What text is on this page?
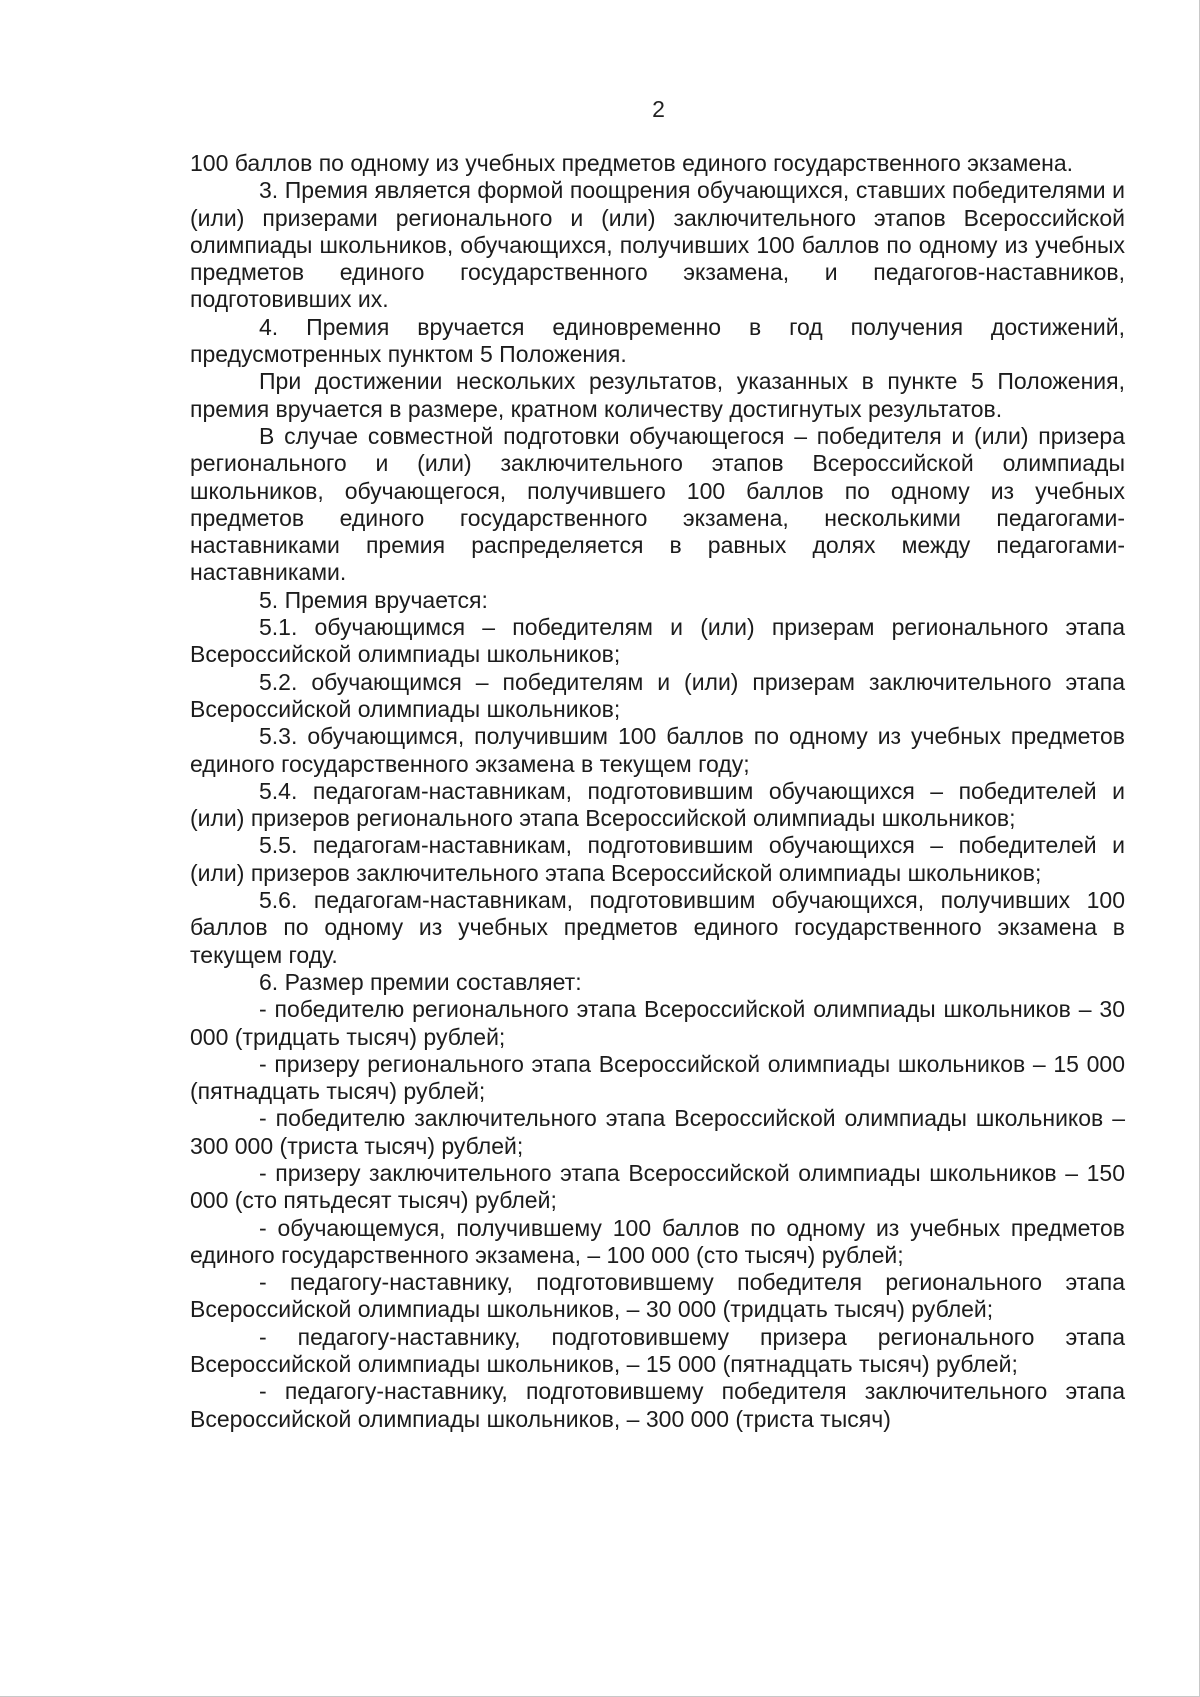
2

100 баллов по одному из учебных предметов единого государственного экзамена.

3. Премия является формой поощрения обучающихся, ставших победителями и (или) призерами регионального и (или) заключительного этапов Всероссийской олимпиады школьников, обучающихся, получивших 100 баллов по одному из учебных предметов единого государственного экзамена, и педагогов-наставников, подготовивших их.

4. Премия вручается единовременно в год получения достижений, предусмотренных пунктом 5 Положения.

При достижении нескольких результатов, указанных в пункте 5 Положения, премия вручается в размере, кратном количеству достигнутых результатов.

В случае совместной подготовки обучающегося – победителя и (или) призера регионального и (или) заключительного этапов Всероссийской олимпиады школьников, обучающегося, получившего 100 баллов по одному из учебных предметов единого государственного экзамена, несколькими педагогами-наставниками премия распределяется в равных долях между педагогами-наставниками.

5. Премия вручается:

5.1. обучающимся – победителям и (или) призерам регионального этапа Всероссийской олимпиады школьников;

5.2. обучающимся – победителям и (или) призерам заключительного этапа Всероссийской олимпиады школьников;

5.3. обучающимся, получившим 100 баллов по одному из учебных предметов единого государственного экзамена в текущем году;

5.4. педагогам-наставникам, подготовившим обучающихся – победителей и (или) призеров регионального этапа Всероссийской олимпиады школьников;

5.5. педагогам-наставникам, подготовившим обучающихся – победителей и (или) призеров заключительного этапа Всероссийской олимпиады школьников;

5.6. педагогам-наставникам, подготовившим обучающихся, получивших 100 баллов по одному из учебных предметов единого государственного экзамена в текущем году.

6. Размер премии составляет:

- победителю регионального этапа Всероссийской олимпиады школьников – 30 000 (тридцать тысяч) рублей;

- призеру регионального этапа Всероссийской олимпиады школьников – 15 000 (пятнадцать тысяч) рублей;

- победителю заключительного этапа Всероссийской олимпиады школьников – 300 000 (триста тысяч) рублей;

- призеру заключительного этапа Всероссийской олимпиады школьников – 150 000 (сто пятьдесят тысяч) рублей;

- обучающемуся, получившему 100 баллов по одному из учебных предметов единого государственного экзамена, – 100 000 (сто тысяч) рублей;

- педагогу-наставнику, подготовившему победителя регионального этапа Всероссийской олимпиады школьников, – 30 000 (тридцать тысяч) рублей;

- педагогу-наставнику, подготовившему призера регионального этапа Всероссийской олимпиады школьников, – 15 000 (пятнадцать тысяч) рублей;

- педагогу-наставнику, подготовившему победителя заключительного этапа Всероссийской олимпиады школьников, – 300 000 (триста тысяч)
